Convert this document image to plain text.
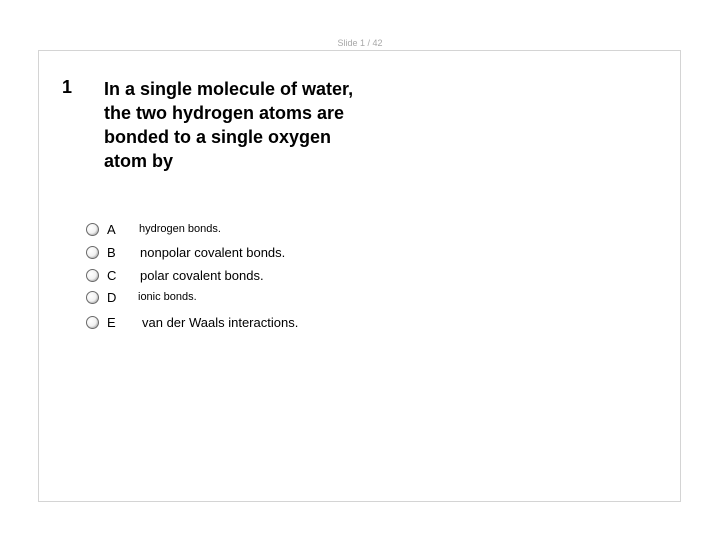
Slide 1 / 42
1 In a single molecule of water, the two hydrogen atoms are bonded to a single oxygen atom by
A hydrogen bonds.
B nonpolar covalent bonds.
C polar covalent bonds.
D ionic bonds.
E van der Waals interactions.
